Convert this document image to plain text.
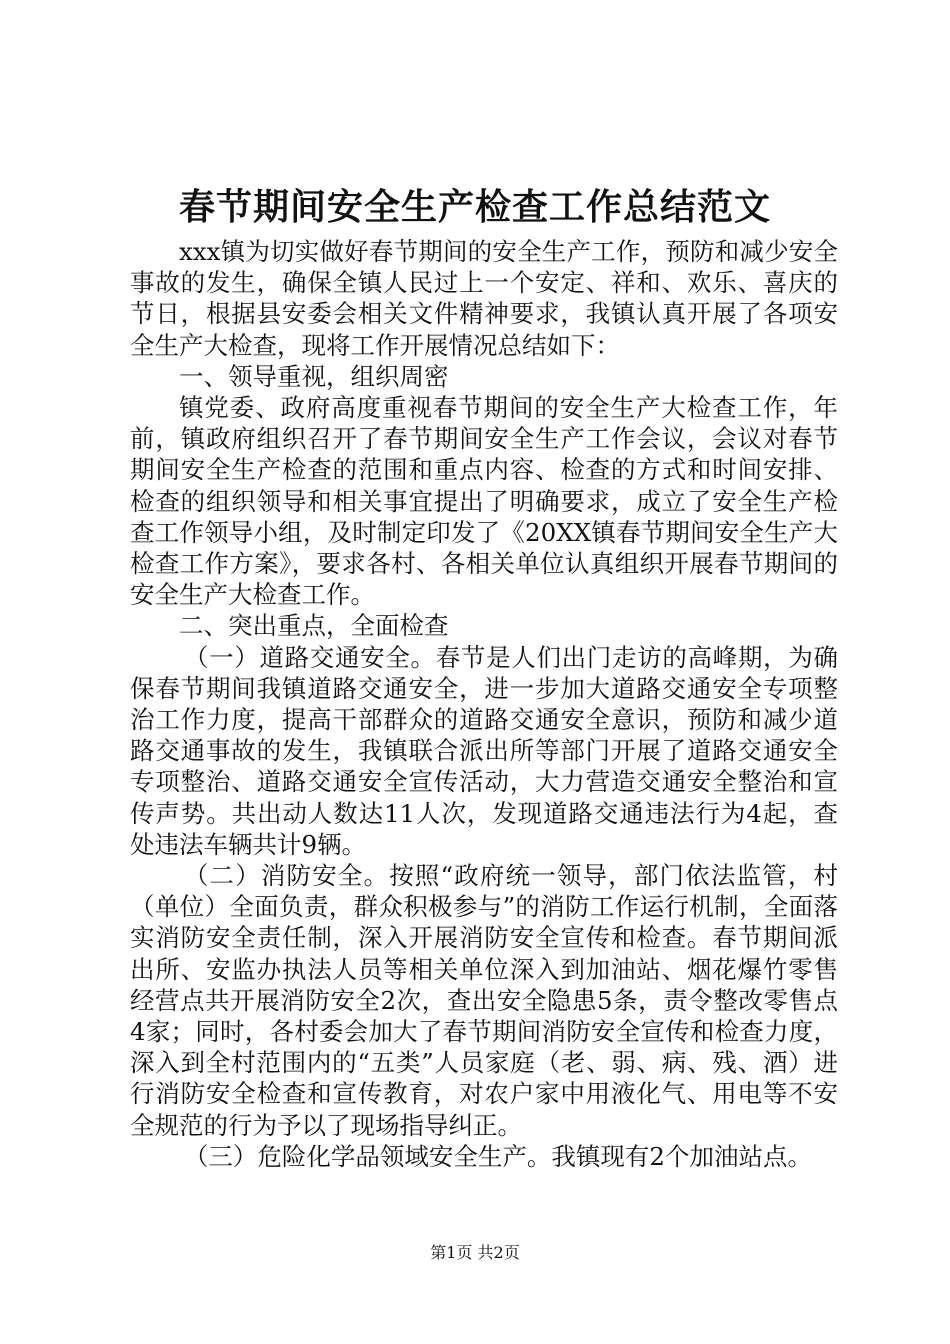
春节期间安全生产检查工作总结范文

xxx镇为切实做好春节期间的安全生产工作，预防和减少安全事故的发生，确保全镇人民过上一个安定、祥和、欢乐、喜庆的节日，根据县安委会相关文件精神要求，我镇认真开展了各项安全生产大检查，现将工作开展情况总结如下：

一、领导重视，组织周密

镇党委、政府高度重视春节期间的安全生产大检查工作，年前，镇政府组织召开了春节期间安全生产工作会议，会议对春节期间安全生产检查的范围和重点内容、检查的方式和时间安排、检查的组织领导和相关事宜提出了明确要求，成立了安全生产检查工作领导小组，及时制定印发了《20XX镇春节期间安全生产大检查工作方案》，要求各村、各相关单位认真组织开展春节期间的安全生产大检查工作。

二、突出重点，全面检查

（一）道路交通安全。春节是人们出门走访的高峰期，为确保春节期间我镇道路交通安全，进一步加大道路交通安全专项整治工作力度，提高干部群众的道路交通安全意识，预防和减少道路交通事故的发生，我镇联合派出所等部门开展了道路交通安全专项整治、道路交通安全宣传活动，大力营造交通安全整治和宣传声势。共出动人数达11人次，发现道路交通违法行为4起，查处违法车辆共计9辆。

（二）消防安全。按照“政府统一领导，部门依法监管，村（单位）全面负责，群众积极参与”的消防工作运行机制，全面落实消防安全责任制，深入开展消防安全宣传和检查。春节期间派出所、安监办执法人员等相关单位深入到加油站、烟花爆竹零售经营点共开展消防安全2次，查出安全隐患5条，责令整改零售点4家；同时，各村委会加大了春节期间消防安全宣传和检查力度，深入到全村范围内的“五类”人员家庭（老、弱、病、残、酒）进行消防安全检查和宣传教育，对农户家中用液化气、用电等不安全规范的行为予以了现场指导纠正。

（三）危险化学品领域安全生产。我镇现有2个加油站点。

第1页 共2页
